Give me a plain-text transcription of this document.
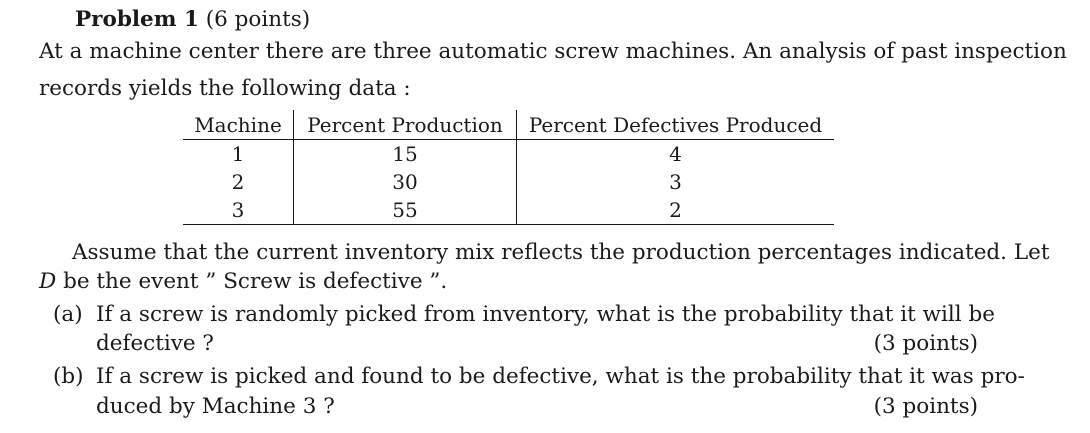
Problem 1 (6 points)
At a machine center there are three automatic screw machines. An analysis of past inspection
records yields the following data :
Machine	Percent Production	Percent Defectives Produced
1	15	4
2	30	3
3	55	2
Assume that the current inventory mix reflects the production percentages indicated. Let
D be the event ” Screw is defective ”.
(a) If a screw is randomly picked from inventory, what is the probability that it will be
defective ?	(3 points)
(b) If a screw is picked and found to be defective, what is the probability that it was pro-
duced by Machine 3 ?	(3 points)
